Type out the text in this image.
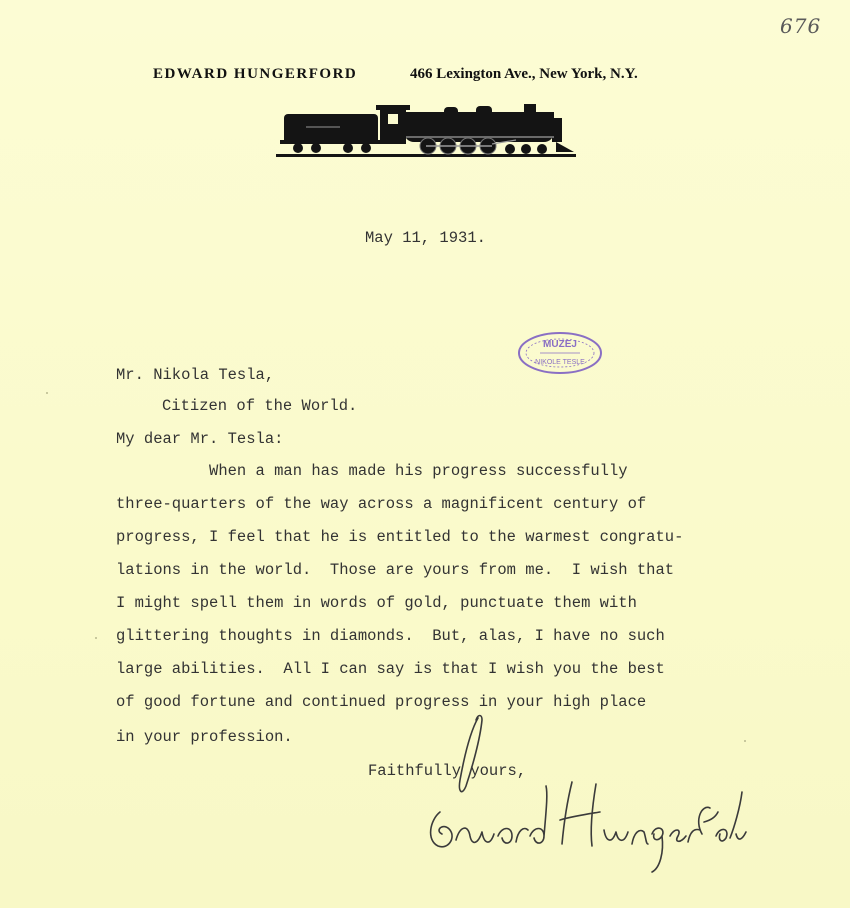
676
EDWARD HUNGERFORD	466 Lexington Ave., New York, N.Y.
May 11, 1931.
MUZEJ
NIKOLE TESLE
Mr. Nikola Tesla,
Citizen of the World.
My dear Mr. Tesla:
When a man has made his progress successfully
three-quarters of the way across a magnificent century of
progress, I feel that he is entitled to the warmest congratu-
lations in the world.  Those are yours from me.  I wish that
I might spell them in words of gold, punctuate them with
glittering thoughts in diamonds.  But, alas, I have no such
large abilities.  All I can say is that I wish you the best
of good fortune and continued progress in your high place
in your profession.
Faithfully yours,
